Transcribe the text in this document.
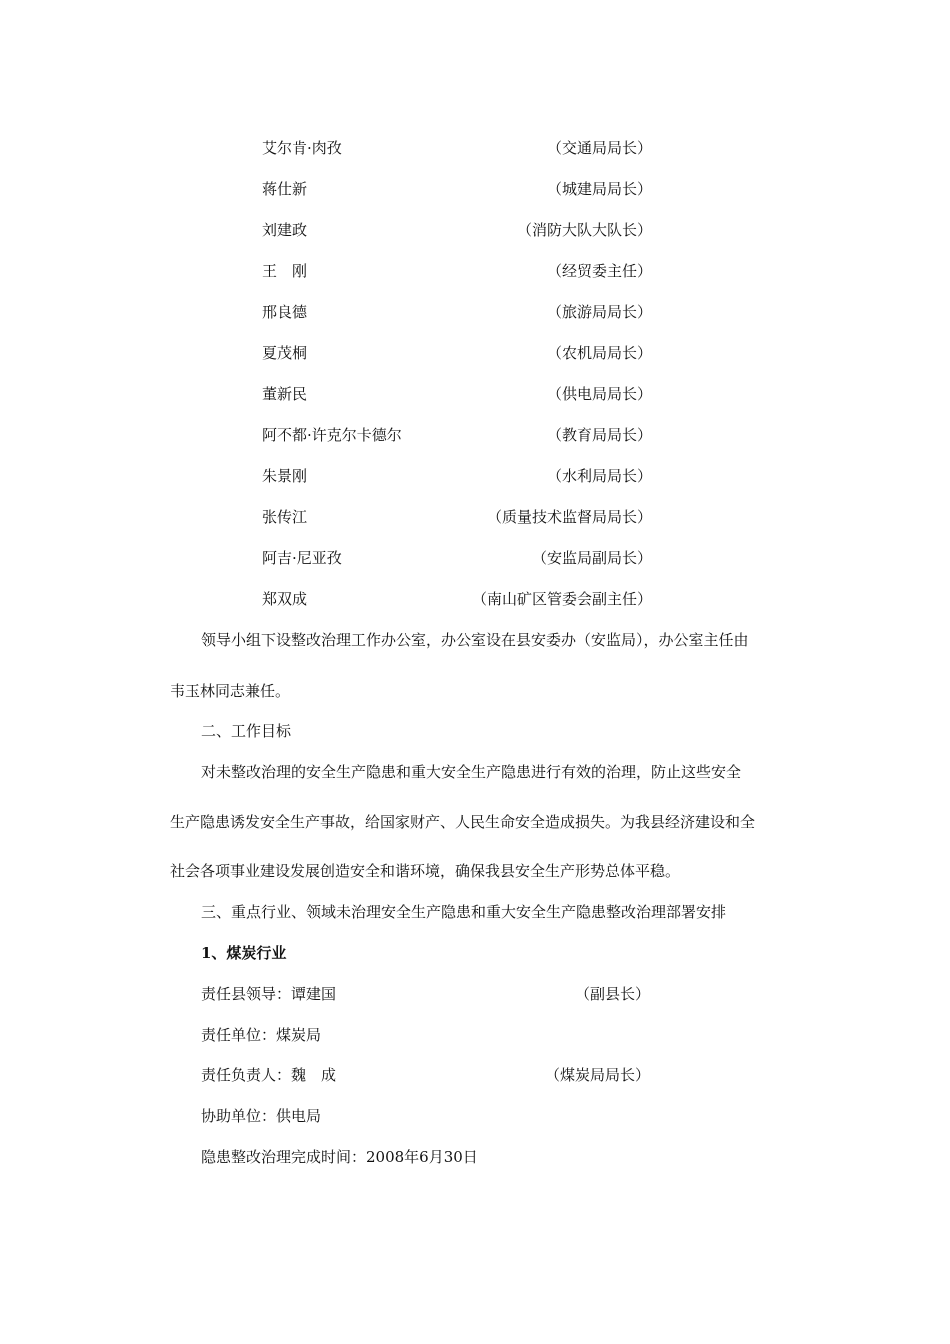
艾尔肯·肉孜	（交通局局长）
蒋仕新	（城建局局长）
刘建政	（消防大队大队长）
王　刚	（经贸委主任）
邢良德	（旅游局局长）
夏茂桐	（农机局局长）
董新民	（供电局局长）
阿不都·许克尔卡德尔	（教育局局长）
朱景刚	（水利局局长）
张传江	（质量技术监督局局长）
阿吉·尼亚孜	（安监局副局长）
郑双成	（南山矿区管委会副主任）
领导小组下设整改治理工作办公室，办公室设在县安委办（安监局），办公室主任由
韦玉林同志兼任。
二、工作目标
对未整改治理的安全生产隐患和重大安全生产隐患进行有效的治理，防止这些安全
生产隐患诱发安全生产事故，给国家财产、人民生命安全造成损失。为我县经济建设和全
社会各项事业建设发展创造安全和谐环境，确保我县安全生产形势总体平稳。
三、重点行业、领域未治理安全生产隐患和重大安全生产隐患整改治理部署安排
1、煤炭行业
责任县领导：谭建国	（副县长）
责任单位：煤炭局
责任负责人：魏　成	（煤炭局局长）
协助单位：供电局
隐患整改治理完成时间：2008年6月30日
